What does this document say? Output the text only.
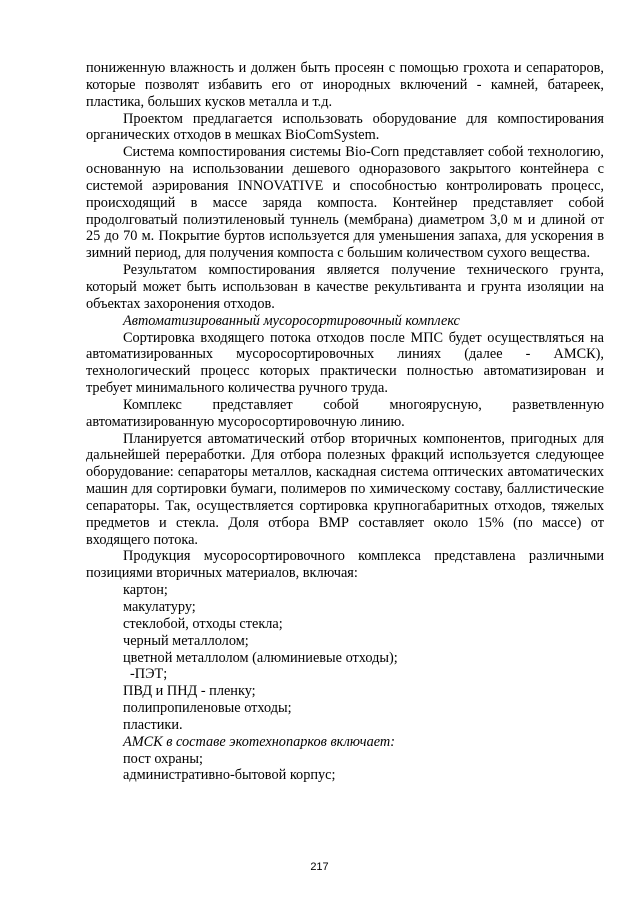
пониженную влажность и должен быть просеян с помощью грохота и сепараторов, которые позволят избавить его от инородных включений - камней, батареек, пластика, больших кусков металла и т.д.

Проектом предлагается использовать оборудование для компостирования органических отходов в мешках BioComSystem.

Система компостирования системы Bio-Corn представляет собой технологию, основанную на использовании дешевого одноразового закрытого контейнера с системой аэрирования INNOVATIVE и способностью контролировать процесс, происходящий в массе заряда компоста. Контейнер представляет собой продолговатый полиэтиленовый туннель (мембрана) диаметром 3,0 м и длиной от 25 до 70 м. Покрытие буртов используется для уменьшения запаха, для ускорения в зимний период, для получения компоста с большим количеством сухого вещества.

Результатом компостирования является получение технического грунта, который может быть использован в качестве рекультиванта и грунта изоляции на объектах захоронения отходов.

Автоматизированный мусоросортировочный комплекс

Сортировка входящего потока отходов после МПС будет осуществляться на автоматизированных мусоросортировочных линиях (далее - АМСК), технологический процесс которых практически полностью автоматизирован и требует минимального количества ручного труда.

Комплекс представляет собой многоярусную, разветвленную автоматизированную мусоросортировочную линию.

Планируется автоматический отбор вторичных компонентов, пригодных для дальнейшей переработки. Для отбора полезных фракций используется следующее оборудование: сепараторы металлов, каскадная система оптических автоматических машин для сортировки бумаги, полимеров по химическому составу, баллистические сепараторы. Так, осуществляется сортировка крупногабаритных отходов, тяжелых предметов и стекла. Доля отбора ВМР составляет около 15% (по массе) от входящего потока.

Продукция мусоросортировочного комплекса представлена различными позициями вторичных материалов, включая:

картон;

макулатуру;

стеклобой, отходы стекла;

черный металлолом;

цветной металлолом (алюминиевые отходы);

-ПЭТ;

ПВД и ПНД - пленку;

полипропиленовые отходы;

пластики.

АМСК в составе экотехнопарков включает:

пост охраны;

административно-бытовой корпус;

217
